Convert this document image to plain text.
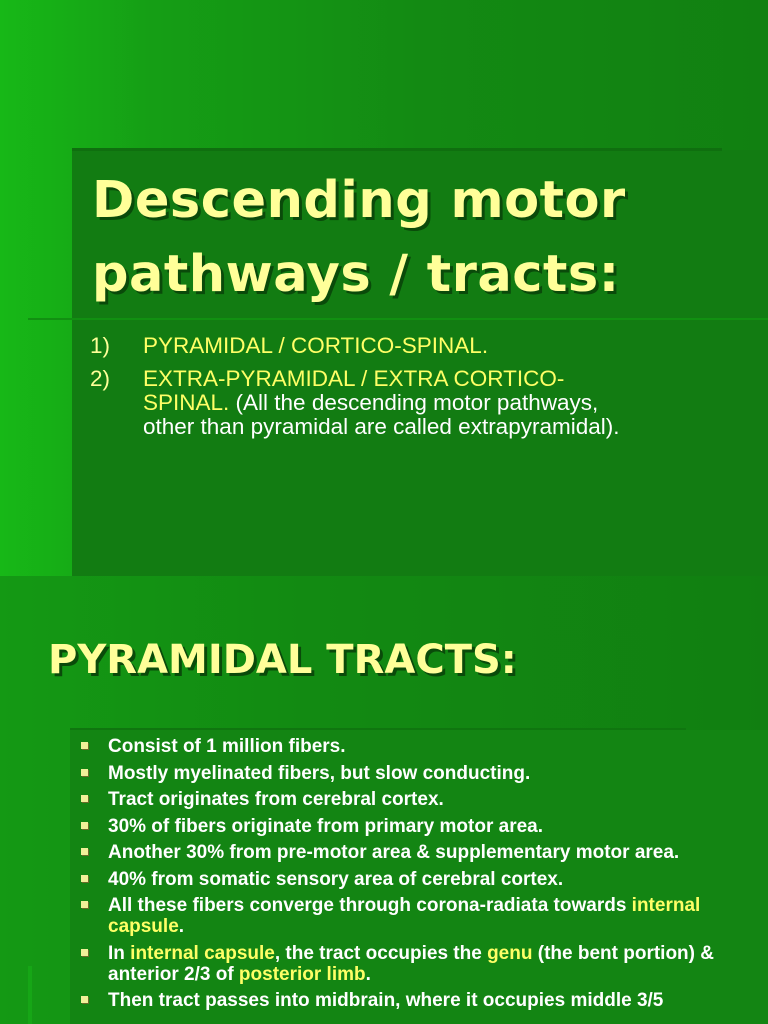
Descending motor pathways / tracts:
1) PYRAMIDAL / CORTICO-SPINAL.
2) EXTRA-PYRAMIDAL / EXTRA CORTICO-SPINAL. (All the descending motor pathways, other than pyramidal are called extrapyramidal).
PYRAMIDAL TRACTS:
Consist of 1 million fibers.
Mostly myelinated fibers, but slow conducting.
Tract originates from cerebral cortex.
30% of fibers originate from primary motor area.
Another 30% from pre-motor area & supplementary motor area.
40% from somatic sensory area of cerebral cortex.
All these fibers converge through corona-radiata towards internal capsule.
In internal capsule, the tract occupies the genu (the bent portion) & anterior 2/3 of posterior limb.
Then tract passes into midbrain, where it occupies middle 3/5
